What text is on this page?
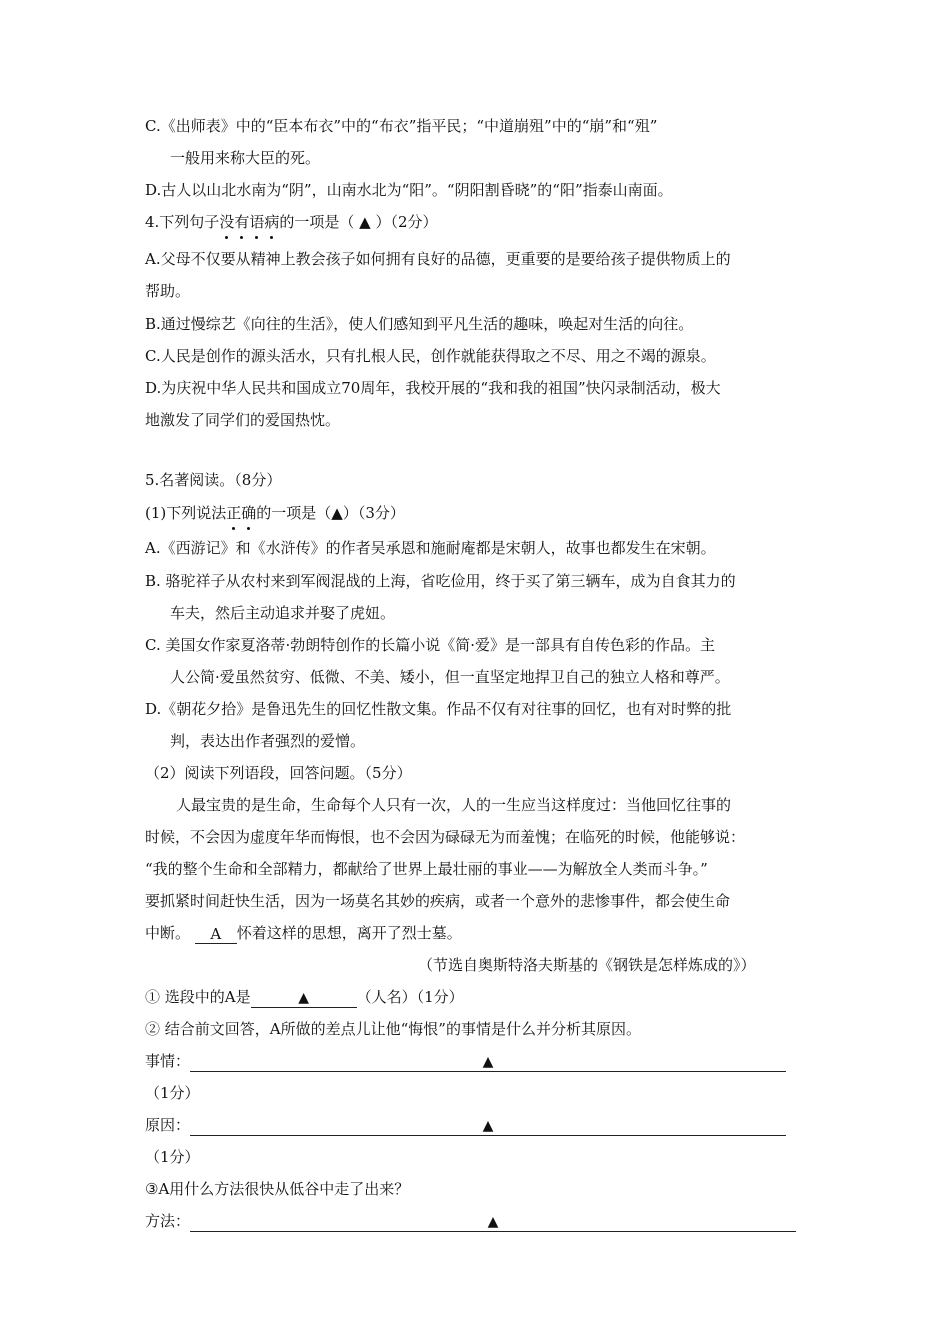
C.《出师表》中的“臣本布衣”中的“布衣”指平民；“中道崩殂”中的“崩”和“殂”
一般用来称大臣的死。
D.古人以山北水南为“阴”，山南水北为“阳”。“阴阳割昏晓”的“阳”指泰山南面。
4.下列句子没
有
语
病
的一项是（ ▲ ）（2分）
A.父母不仅要从精神上教会孩子如何拥有良好的品德，更重要的是要给孩子提供物质上的
帮助。
B.通过慢综艺《向往的生活》，使人们感知到平凡生活的趣味，唤起对生活的向往。
C.人民是创作的源头活水，只有扎根人民，创作就能获得取之不尽、用之不竭的源泉。
D.为庆祝中华人民共和国成立70周年，我校开展的“我和我的祖国”快闪录制活动，极大
地激发了同学们的爱国热忱。
5.名著阅读。（8分）
(1)下列说法正
确
的一项是（▲）（3分）
A.《西游记》和《水浒传》的作者吴承恩和施耐庵都是宋朝人，故事也都发生在宋朝。
B. 骆驼祥子从农村来到军阀混战的上海，省吃俭用，终于买了第三辆车，成为自食其力的
车夫，然后主动追求并娶了虎妞。
C. 美国女作家夏洛蒂·勃朗特创作的长篇小说《简·爱》是一部具有自传色彩的作品。主
人公简·爱虽然贫穷、低微、不美、矮小，但一直坚定地捍卫自己的独立人格和尊严。
D.《朝花夕拾》是鲁迅先生的回忆性散文集。作品不仅有对往事的回忆，也有对时弊的批
判，表达出作者强烈的爱憎。
（2）阅读下列语段，回答问题。（5分）
人最宝贵的是生命，生命每个人只有一次，人的一生应当这样度过：当他回忆往事的
时候，不会因为虚度年华而悔恨，也不会因为碌碌无为而羞愧；在临死的时候，他能够说：
“我的整个生命和全部精力，都献给了世界上最壮丽的事业——为解放全人类而斗争。”
要抓紧时间赶快生活，因为一场莫名其妙的疾病，或者一个意外的悲惨事件，都会使生命
中断。 A 怀着这样的思想，离开了烈士墓。
（节选自奥斯特洛夫斯基的《钢铁是怎样炼成的》）
① 选段中的A是	▲	（人名）（1分）
② 结合前文回答，A所做的差点儿让他“悔恨”的事情是什么并分析其原因。
事情：	▲
（1分）
原因：	▲
（1分）
③A用什么方法很快从低谷中走了出来？
方法：	▲
